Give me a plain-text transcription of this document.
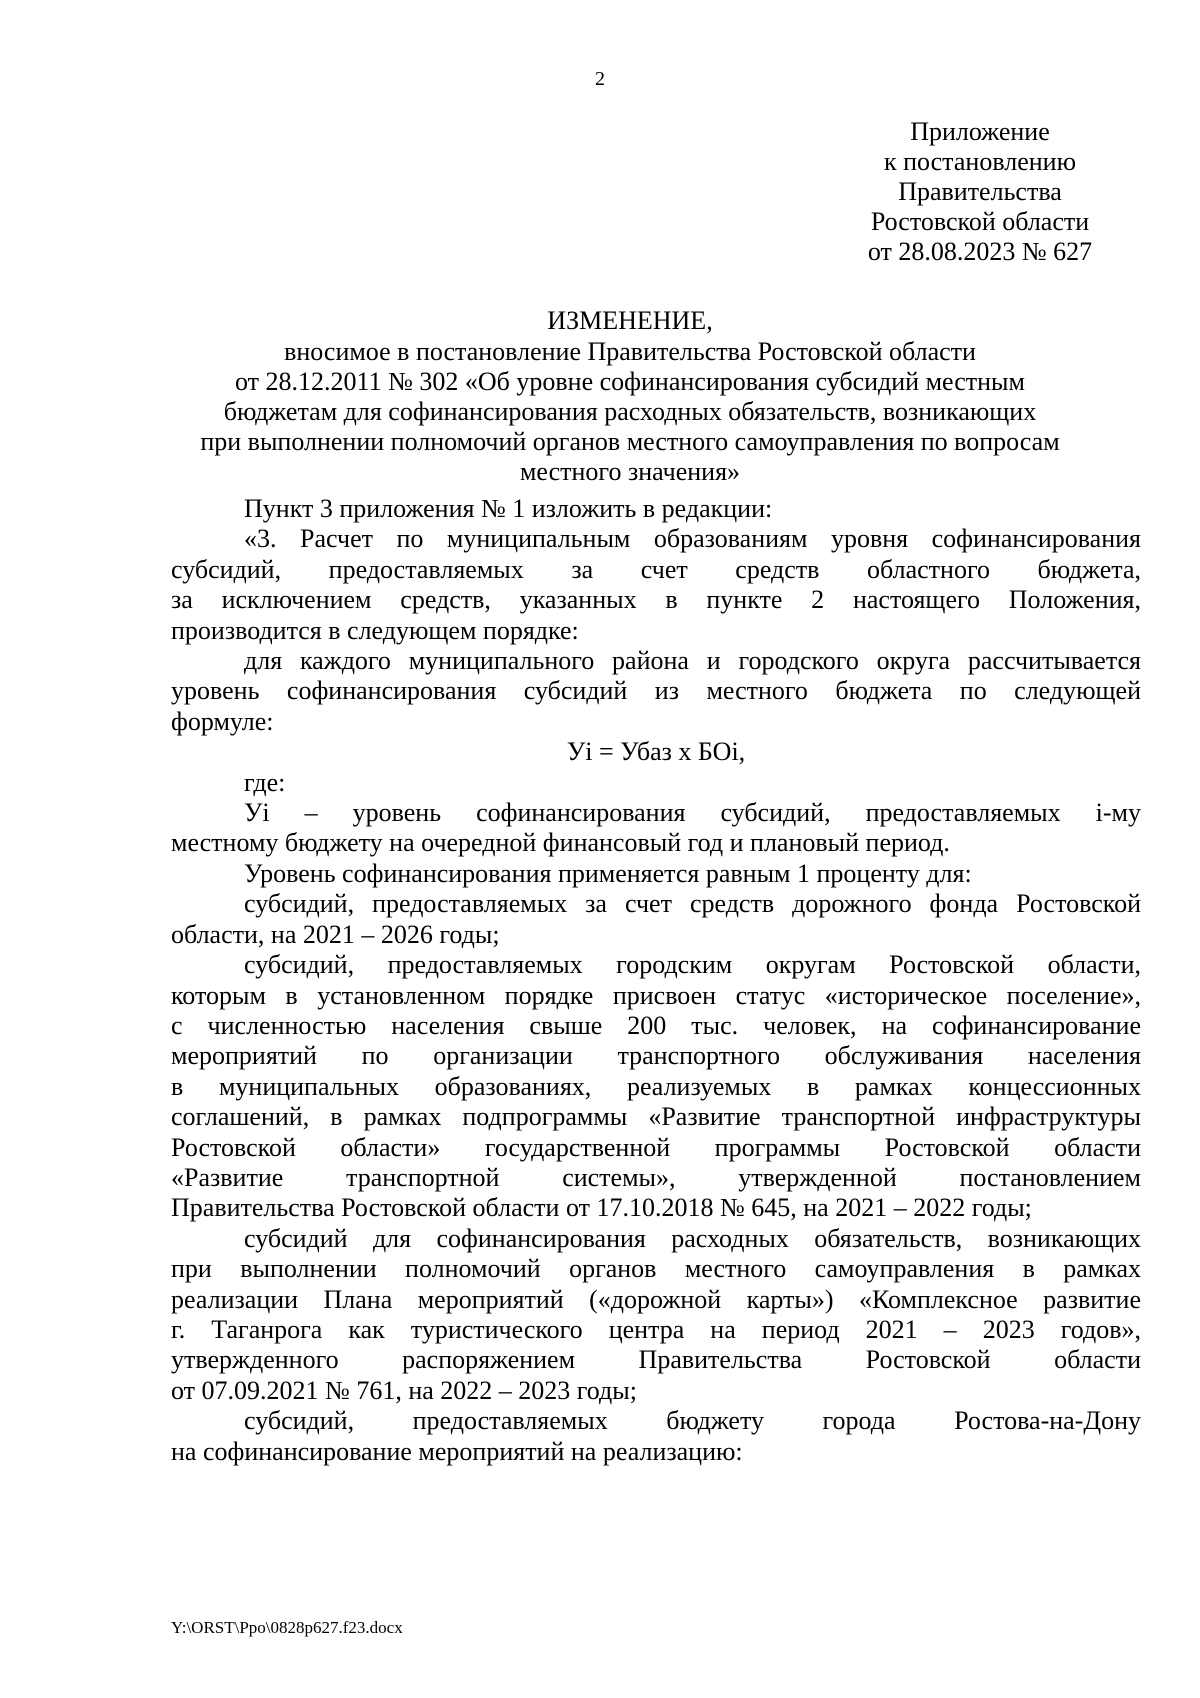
2
Приложение
к постановлению
Правительства
Ростовской области
от 28.08.2023 № 627
ИЗМЕНЕНИЕ,
вносимое в постановление Правительства Ростовской области
от 28.12.2011 № 302 «Об уровне софинансирования субсидий местным
бюджетам для софинансирования расходных обязательств, возникающих
при выполнении полномочий органов местного самоуправления по вопросам
местного значения»
Пункт 3 приложения № 1 изложить в редакции:
«3. Расчет по муниципальным образованиям уровня софинансирования
субсидий, предоставляемых за счет средств областного бюджета,
за исключением средств, указанных в пункте 2 настоящего Положения,
производится в следующем порядке:
для каждого муниципального района и городского округа рассчитывается
уровень софинансирования субсидий из местного бюджета по следующей
формуле:
Уi = Убаз х БОi,
где:
Уi – уровень софинансирования субсидий, предоставляемых i-му
местному бюджету на очередной финансовый год и плановый период.
Уровень софинансирования применяется равным 1 проценту для:
субсидий, предоставляемых за счет средств дорожного фонда Ростовской
области, на 2021 – 2026 годы;
субсидий, предоставляемых городским округам Ростовской области,
которым в установленном порядке присвоен статус «историческое поселение»,
с численностью населения свыше 200 тыс. человек, на софинансирование
мероприятий по организации транспортного обслуживания населения
в муниципальных образованиях, реализуемых в рамках концессионных
соглашений, в рамках подпрограммы «Развитие транспортной инфраструктуры
Ростовской области» государственной программы Ростовской области
«Развитие транспортной системы», утвержденной постановлением
Правительства Ростовской области от 17.10.2018 № 645, на 2021 – 2022 годы;
субсидий для софинансирования расходных обязательств, возникающих
при выполнении полномочий органов местного самоуправления в рамках
реализации Плана мероприятий («дорожной карты») «Комплексное развитие
г. Таганрога как туристического центра на период 2021 – 2023 годов»,
утвержденного распоряжением Правительства Ростовской области
от 07.09.2021 № 761, на 2022 – 2023 годы;
субсидий, предоставляемых бюджету города Ростова-на-Дону
на софинансирование мероприятий на реализацию:
Y:\ORST\Ppo\0828p627.f23.docx
